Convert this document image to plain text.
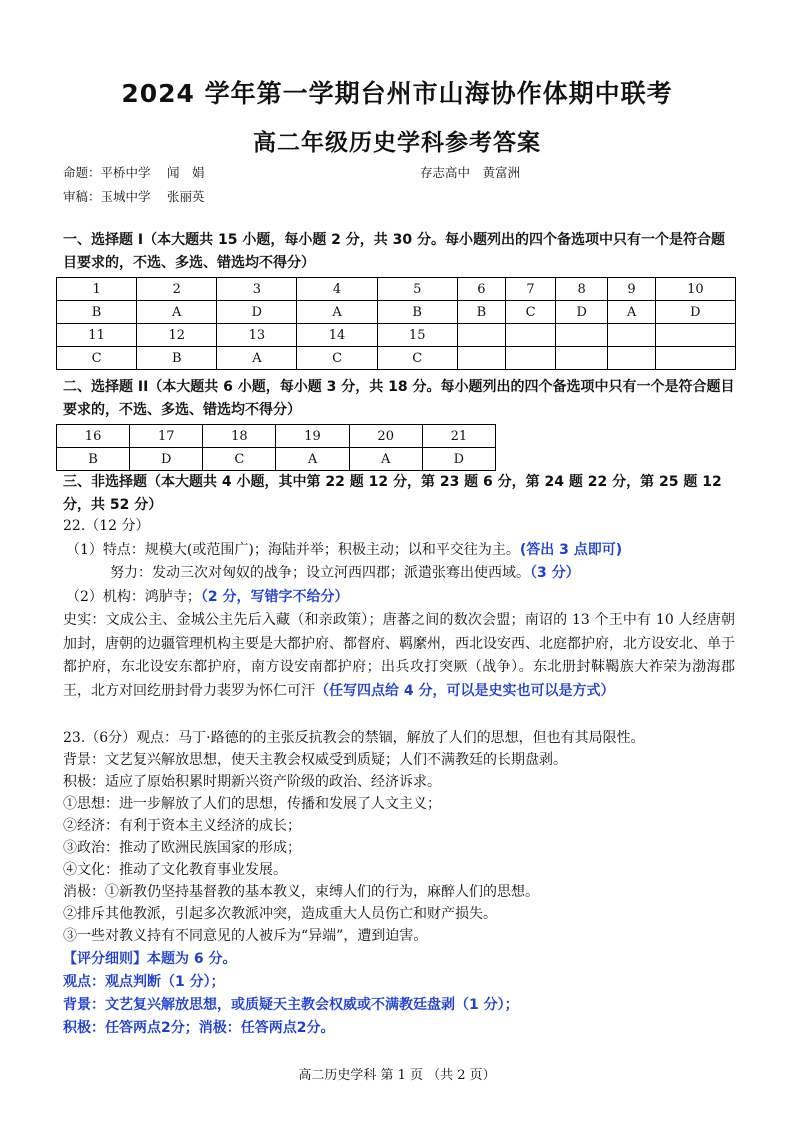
2024 学年第一学期台州市山海协作体期中联考
高二年级历史学科参考答案
命题：平桥中学　 闻　娟	存志高中　黄富洲
审稿：玉城中学　 张丽英
一、选择题 I（本大题共 15 小题，每小题 2 分，共 30 分。每小题列出的四个备选项中只有一个是符合题目要求的，不选、多选、错选均不得分）
1	2	3	4	5	6	7	8	9	10
B	A	D	A	B	B	C	D	A	D
11	12	13	14	15					
C	B	A	C	C					
二、选择题 II（本大题共 6 小题，每小题 3 分，共 18 分。每小题列出的四个备选项中只有一个是符合题目要求的，不选、多选、错选均不得分）
16	17	18	19	20	21
B	D	C	A	A	D
三、非选择题（本大题共 4 小题，其中第 22 题 12 分，第 23 题 6 分，第 24 题 22 分，第 25 题 12 分，共 52 分）
22.（12 分）
（1）特点：规模大(或范围广)；海陆并举；积极主动；以和平交往为主。(答出 3 点即可)
努力：发动三次对匈奴的战争；设立河西四郡；派遣张骞出使西域。（3 分）
（2）机构：鸿胪寺；（2 分，写错字不给分）
史实：文成公主、金城公主先后入藏（和亲政策）；唐蕃之间的数次会盟；南诏的 13 个王中有 10 人经唐朝加封，唐朝的边疆管理机构主要是大都护府、都督府、羁縻州，西北设安西、北庭都护府，北方设安北、单于都护府，东北设安东都护府，南方设安南都护府；出兵攻打突厥（战争）。东北册封靺鞨族大祚荣为渤海郡王，北方对回纥册封骨力裴罗为怀仁可汗（任写四点给 4 分，可以是史实也可以是方式）
23.（6分）观点：马丁·路德的的主张反抗教会的禁锢，解放了人们的思想，但也有其局限性。
背景：文艺复兴解放思想，使天主教会权威受到质疑；人们不满教廷的长期盘剥。
积极：适应了原始积累时期新兴资产阶级的政治、经济诉求。
①思想：进一步解放了人们的思想，传播和发展了人文主义；
②经济：有利于资本主义经济的成长；
③政治：推动了欧洲民族国家的形成；
④文化：推动了文化教育事业发展。
消极：①新教仍坚持基督教的基本教义，束缚人们的行为，麻醉人们的思想。
②排斥其他教派，引起多次教派冲突，造成重大人员伤亡和财产损失。
③一些对教义持有不同意见的人被斥为“异端”，遭到迫害。
【评分细则】本题为 6 分。
观点：观点判断（1 分）；
背景：文艺复兴解放思想，或质疑天主教会权威或不满教廷盘剥（1 分）；
积极：任答两点2分；消极：任答两点2分。
高二历史学科 第 1 页 （共 2 页）
